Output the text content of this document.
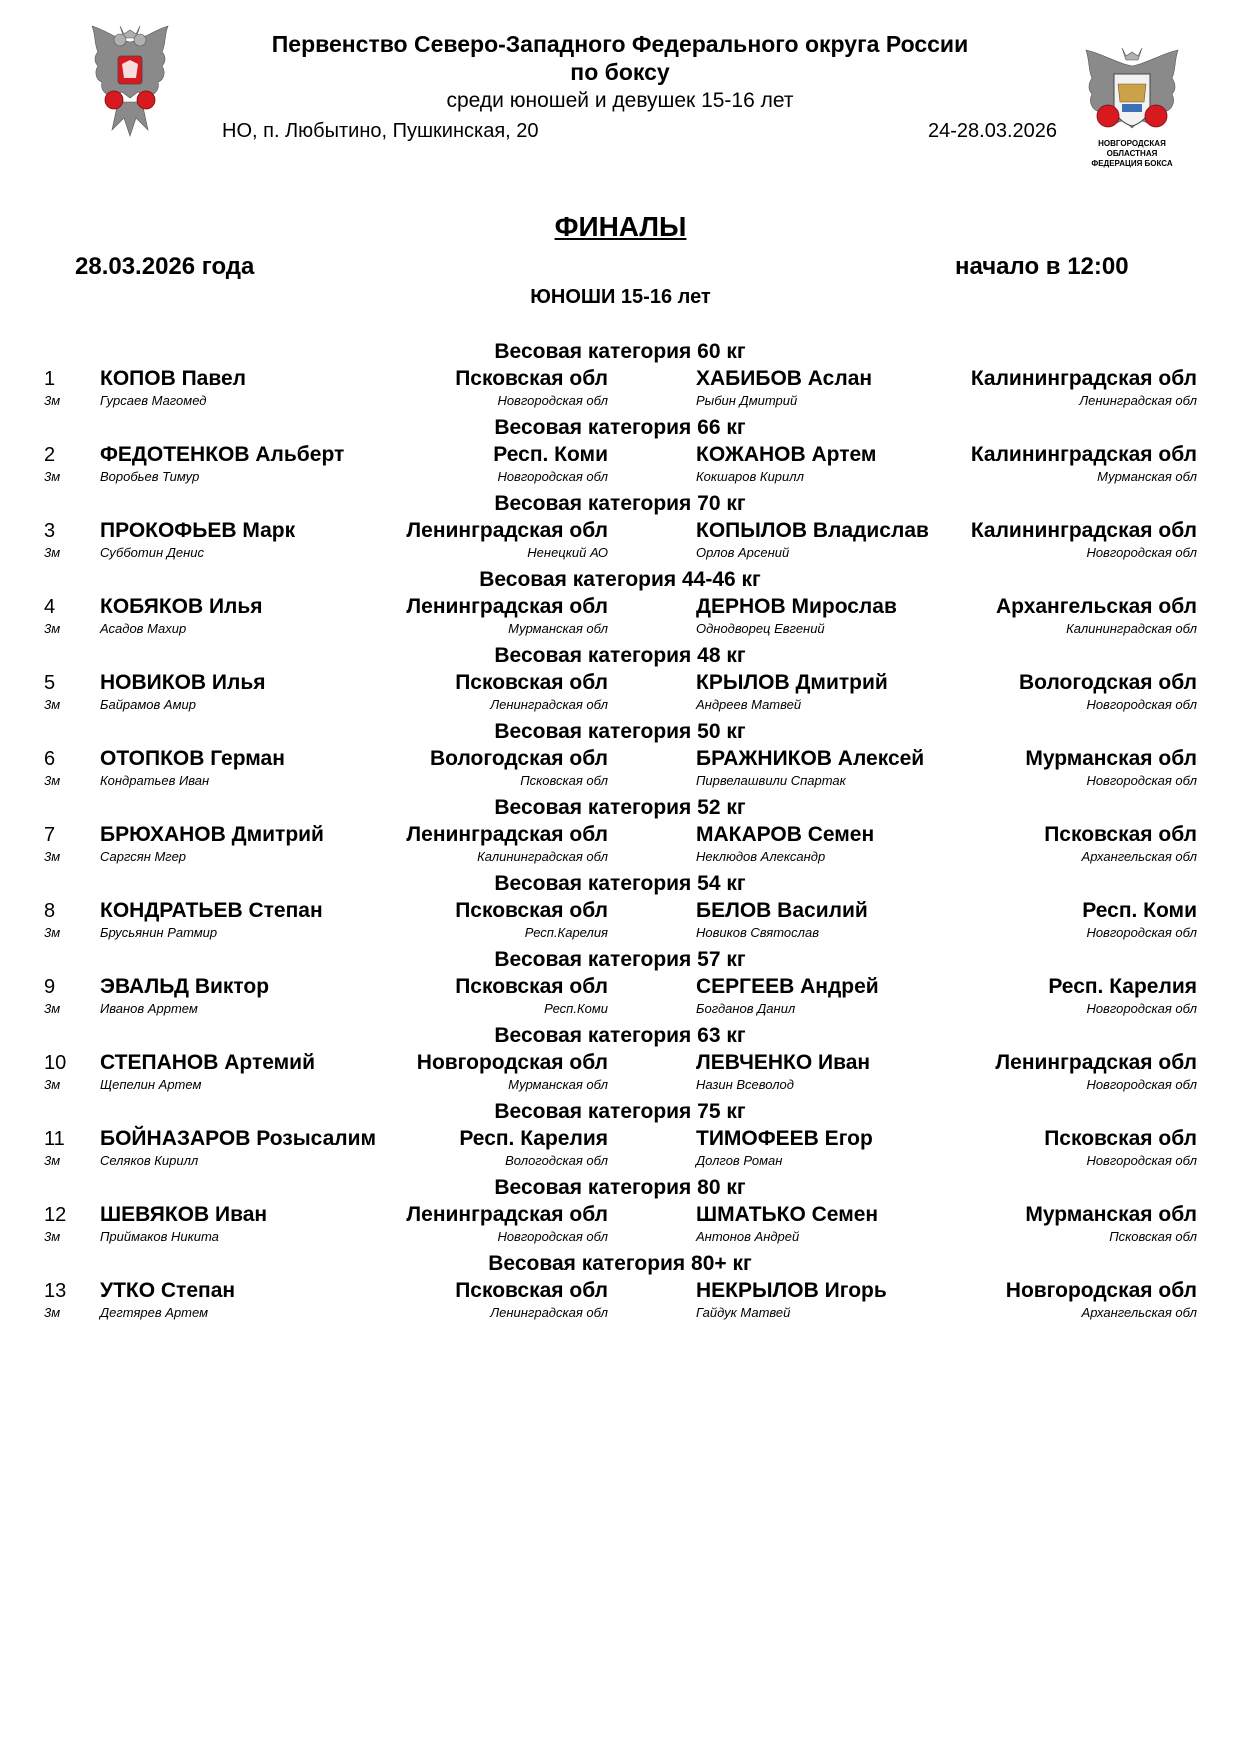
НОВГОРОДСКАЯ ОБЛАСТНАЯ
ФЕДЕРАЦИЯ БОКСА
Первенство Северо-Западного Федерального округа России
по боксу
среди юношей и девушек 15-16 лет
НО, п. Любытино, Пушкинская, 20	24-28.03.2026
ФИНАЛЫ
28.03.2026 года	начало в 12:00
ЮНОШИ 15-16 лет
Весовая категория 60 кг
1
3м
КОПОВ Павел
Гурсаев Магомед
Псковская обл
Новгородская обл
ХАБИБОВ Аслан
Рыбин Дмитрий
Калининградская обл
Ленинградская обл
Весовая категория 66 кг
2
3м
ФЕДОТЕНКОВ Альберт
Воробьев Тимур
Респ. Коми
Новгородская обл
КОЖАНОВ Артем
Кокшаров Кирилл
Калининградская обл
Мурманская обл
Весовая категория 70 кг
3
3м
ПРОКОФЬЕВ Марк
Субботин Денис
Ленинградская обл
Ненецкий АО
КОПЫЛОВ Владислав
Орлов Арсений
Калининградская обл
Новгородская обл
Весовая категория 44-46 кг
4
3м
КОБЯКОВ Илья
Асадов Махир
Ленинградская обл
Мурманская обл
ДЕРНОВ Мирослав
Однодворец Евгений
Архангельская обл
Калининградская обл
Весовая категория 48 кг
5
3м
НОВИКОВ Илья
Байрамов Амир
Псковская обл
Ленинградская обл
КРЫЛОВ Дмитрий
Андреев Матвей
Вологодская обл
Новгородская обл
Весовая категория 50 кг
6
3м
ОТОПКОВ Герман
Кондратьев Иван
Вологодская обл
Псковская обл
БРАЖНИКОВ Алексей
Пирвелашвили Спартак
Мурманская обл
Новгородская обл
Весовая категория 52 кг
7
3м
БРЮХАНОВ Дмитрий
Саргсян Мгер
Ленинградская обл
Калининградская обл
МАКАРОВ Семен
Неклюдов Александр
Псковская обл
Архангельская обл
Весовая категория 54 кг
8
3м
КОНДРАТЬЕВ Степан
Брусьянин Ратмир
Псковская обл
Респ.Карелия
БЕЛОВ Василий
Новиков Святослав
Респ. Коми
Новгородская обл
Весовая категория 57 кг
9
3м
ЭВАЛЬД Виктор
Иванов Арртем
Псковская обл
Респ.Коми
СЕРГЕЕВ Андрей
Богданов Данил
Респ. Карелия
Новгородская обл
Весовая категория 63 кг
10
3м
СТЕПАНОВ Артемий
Щепелин Артем
Новгородская обл
Мурманская обл
ЛЕВЧЕНКО Иван
Назин Всеволод
Ленинградская обл
Новгородская обл
Весовая категория 75 кг
11
3м
БОЙНАЗАРОВ Розысалим
Селяков Кирилл
Респ. Карелия
Вологодская обл
ТИМОФЕЕВ Егор
Долгов Роман
Псковская обл
Новгородская обл
Весовая категория 80 кг
12
3м
ШЕВЯКОВ Иван
Приймаков Никита
Ленинградская обл
Новгородская обл
ШМАТЬКО Семен
Антонов Андрей
Мурманская обл
Псковская обл
Весовая категория 80+ кг
13
3м
УТКО Степан
Дегтярев Артем
Псковская обл
Ленинградская обл
НЕКРЫЛОВ Игорь
Гайдук Матвей
Новгородская обл
Архангельская обл
